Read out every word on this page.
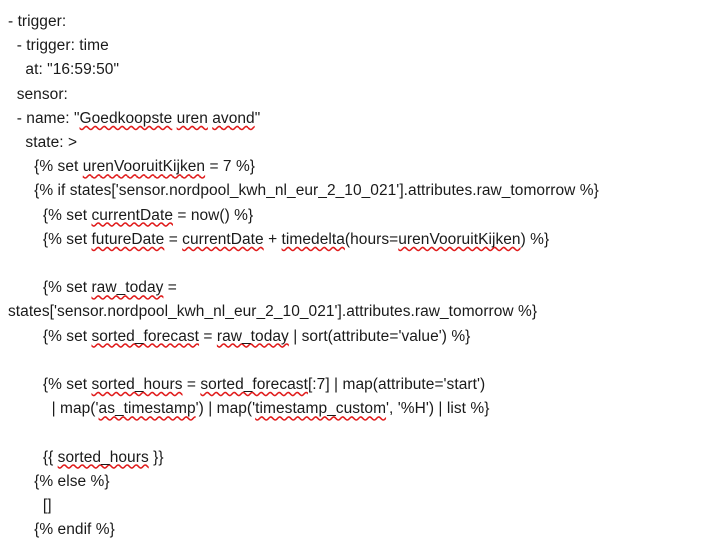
- trigger:
- trigger: time
at: "16:59:50"
sensor:
- name: "Goedkoopste uren avond"
state: >
{% set urenVooruitKijken = 7 %}
{% if states['sensor.nordpool_kwh_nl_eur_2_10_021'].attributes.raw_tomorrow %}
{% set currentDate = now() %}
{% set futureDate = currentDate + timedelta(hours=urenVooruitKijken) %}

{% set raw_today =
states['sensor.nordpool_kwh_nl_eur_2_10_021'].attributes.raw_tomorrow %}
{% set sorted_forecast = raw_today | sort(attribute='value') %}

{% set sorted_hours = sorted_forecast[:7] | map(attribute='start')
| map('as_timestamp') | map('timestamp_custom', '%H') | list %}

{{ sorted_hours }}
{% else %}
[]
{% endif %}
